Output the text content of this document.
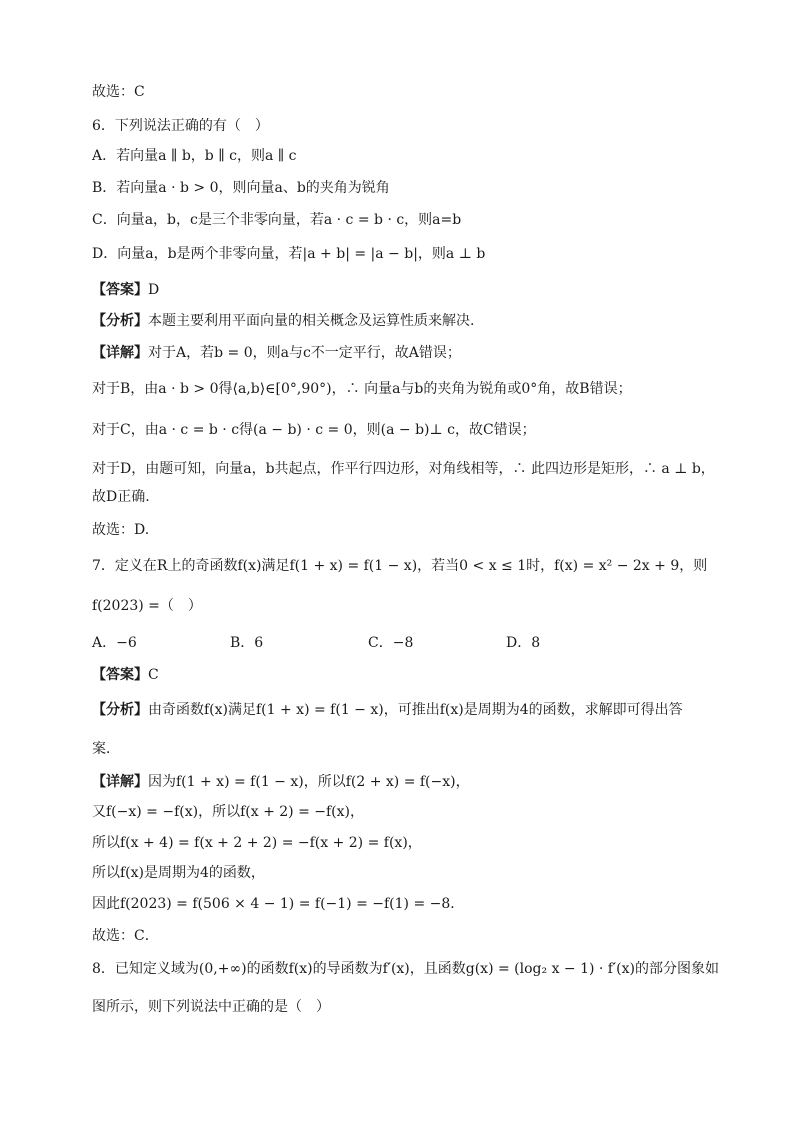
故选：C
6．下列说法正确的有（　）
A．若向量a ∥ b，b ∥ c，则a ∥ c
B．若向量a · b > 0，则向量a、b的夹角为锐角
C．向量a，b，c是三个非零向量，若a · c = b · c，则a=b
D．向量a，b是两个非零向量，若|a + b| = |a − b|，则a ⊥ b
【答案】D
【分析】本题主要利用平面向量的相关概念及运算性质来解决.
【详解】对于A，若b = 0，则a与c不一定平行，故A错误；
对于B，由a · b > 0得⟨a,b⟩∈[0°,90°)，∴ 向量a与b的夹角为锐角或0°角，故B错误；
对于C，由a · c = b · c得(a − b) · c = 0，则(a − b)⊥ c，故C错误；
对于D，由题可知，向量a，b共起点，作平行四边形，对角线相等，∴ 此四边形是矩形，∴ a ⊥ b，
故D正确.
故选：D.
7．定义在R上的奇函数f(x)满足f(1 + x) = f(1 − x)，若当0 < x ≤ 1时，f(x) = x² − 2x + 9，则
f(2023) =（　）
A．−6	B．6	C．−8	D．8
【答案】C
【分析】由奇函数f(x)满足f(1 + x) = f(1 − x)，可推出f(x)是周期为4的函数，求解即可得出答
案．
【详解】因为f(1 + x) = f(1 − x)，所以f(2 + x) = f(−x)，
又f(−x) = −f(x)，所以f(x + 2) = −f(x)，
所以f(x + 4) = f(x + 2 + 2) = −f(x + 2) = f(x)，
所以f(x)是周期为4的函数，
因此f(2023) = f(506 × 4 − 1) = f(−1) = −f(1) = −8．
故选：C．
8．已知定义域为(0,+∞)的函数f(x)的导函数为f′(x)，且函数g(x) = (log₂ x − 1) · f′(x)的部分图象如
图所示，则下列说法中正确的是（　）
